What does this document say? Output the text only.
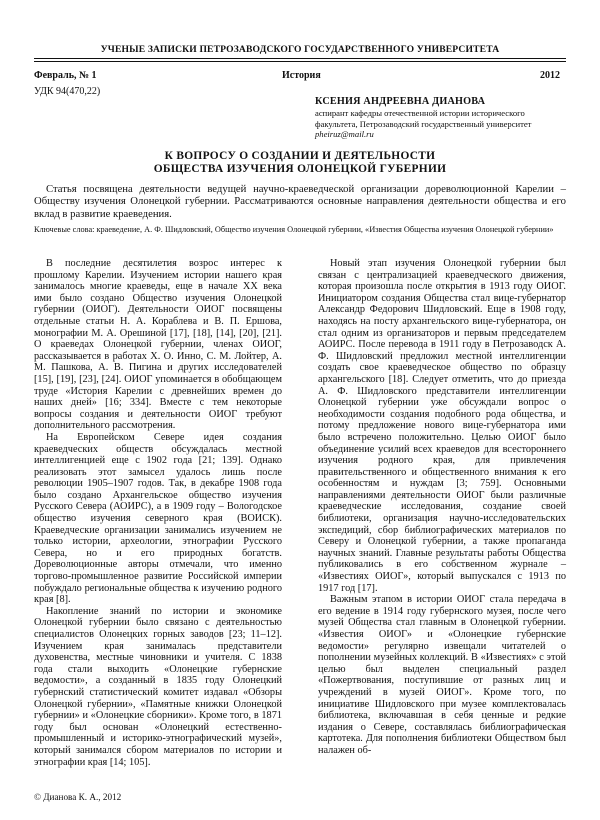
УЧЕНЫЕ ЗАПИСКИ ПЕТРОЗАВОДСКОГО ГОСУДАРСТВЕННОГО УНИВЕРСИТЕТА
Февраль, № 1	История	2012
УДК 94(470,22)
КСЕНИЯ АНДРЕЕВНА ДИАНОВА
аспирант кафедры отечественной истории исторического
факультета, Петрозаводский государственный университет
pheiruz@mail.ru
К ВОПРОСУ О СОЗДАНИИ И ДЕЯТЕЛЬНОСТИ
ОБЩЕСТВА ИЗУЧЕНИЯ ОЛОНЕЦКОЙ ГУБЕРНИИ
Статья посвящена деятельности ведущей научно-краеведческой организации дореволюционной Карелии – Обществу изучения Олонецкой губернии. Рассматриваются основные направления деятельности общества и его вклад в развитие краеведения.
Ключевые слова: краеведение, А. Ф. Шидловский, Общество изучения Олонецкой губернии, «Известия Общества изучения Олонецкой губернии»

В последние десятилетия возрос интерес к прошлому Карелии. Изучением истории нашего края занималось многие краеведы, еще в начале XX века ими было создано Общество изучения Олонецкой губернии (ОИОГ). Деятельности ОИОГ посвящены отдельные статьи Н. А. Кораблева и В. П. Ершова, монографии М. А. Орешиной [17], [18], [14], [20], [21]. О краеведах Олонецкой губернии, членах ОИОГ, рассказывается в работах Х. О. Инно, С. М. Лойтер, А. М. Пашкова, А. В. Пигина и других исследователей [15], [19], [23], [24]. ОИОГ упоминается в обобщающем труде «История Карелии с древнейших времен до наших дней» [16; 334]. Вместе с тем некоторые вопросы создания и деятельности ОИОГ требуют дополнительного рассмотрения.

На Европейском Севере идея создания краеведческих обществ обсуждалась местной интеллигенцией еще с 1902 года [21; 139]. Однако реализовать этот замысел удалось лишь после революции 1905–1907 годов. Так, в декабре 1908 года было создано Архангельское общество изучения Русского Севера (АОИРС), а в 1909 году – Вологодское общество изучения северного края (ВОИСК). Краеведческие организации занимались изучением не только истории, археологии, этнографии Русского Севера, но и его природных богатств. Дореволюционные авторы отмечали, что именно торгово-промышленное развитие Российской империи побуждало региональные общества к изучению родного края [8].

Накопление знаний по истории и экономике Олонецкой губернии было связано с деятельностью специалистов Олонецких горных заводов [23; 11–12]. Изучением края занималась представители духовенства, местные чиновники и учителя. С 1838 года стали выходить «Олонецкие губернские ведомости», а созданный в 1835 году Олонецкий губернский статистический комитет издавал «Обзоры Олонецкой губернии», «Памятные книжки Олонецкой губернии» и «Олонецкие сборники». Кроме того, в 1871 году был основан «Олонецкий естественно-промышленный и историко-этнографический музей», который занимался сбором материалов по истории и этнографии края [14; 105].

Новый этап изучения Олонецкой губернии был связан с централизацией краеведческого движения, которая произошла после открытия в 1913 году ОИОГ. Инициатором создания Общества стал вице-губернатор Александр Федорович Шидловский. Еще в 1908 году, находясь на посту архангельского вице-губернатора, он стал одним из организаторов и первым председателем АОИРС. После перевода в 1911 году в Петрозаводск А. Ф. Шидловский предложил местной интеллигенции создать свое краеведческое общество по образцу архангельского [18]. Следует отметить, что до приезда А. Ф. Шидловского представители интеллигенции Олонецкой губернии уже обсуждали вопрос о необходимости создания подобного рода общества, и потому предложение нового вице-губернатора ими было встречено положительно. Целью ОИОГ было объединение усилий всех краеведов для всестороннего изучения родного края, для привлечения правительственного и общественного внимания к его особенностям и нуждам [3; 759]. Основными направлениями деятельности ОИОГ были различные краеведческие исследования, создание своей библиотеки, организация научно-исследовательских экспедиций, сбор библиографических материалов по Северу и Олонецкой губернии, а также пропаганда научных знаний. Главные результаты работы Общества публиковались в его собственном журнале – «Известиях ОИОГ», который выпускался с 1913 по 1917 год [17].

Важным этапом в истории ОИОГ стала передача в его ведение в 1914 году губернского музея, после чего музей Общества стал главным в Олонецкой губернии. «Известия ОИОГ» и «Олонецкие губернские ведомости» регулярно извещали читателей о пополнении музейных коллекций. В «Известиях» с этой целью был выделен специальный раздел «Пожертвования, поступившие от разных лиц и учреждений в музей ОИОГ». Кроме того, по инициативе Шидловского при музее комплектовалась библиотека, включавшая в себя ценные и редкие издания о Севере, составлялась библиографическая картотека. Для пополнения библиотеки Обществом был налажен об-

© Дианова К. А., 2012
